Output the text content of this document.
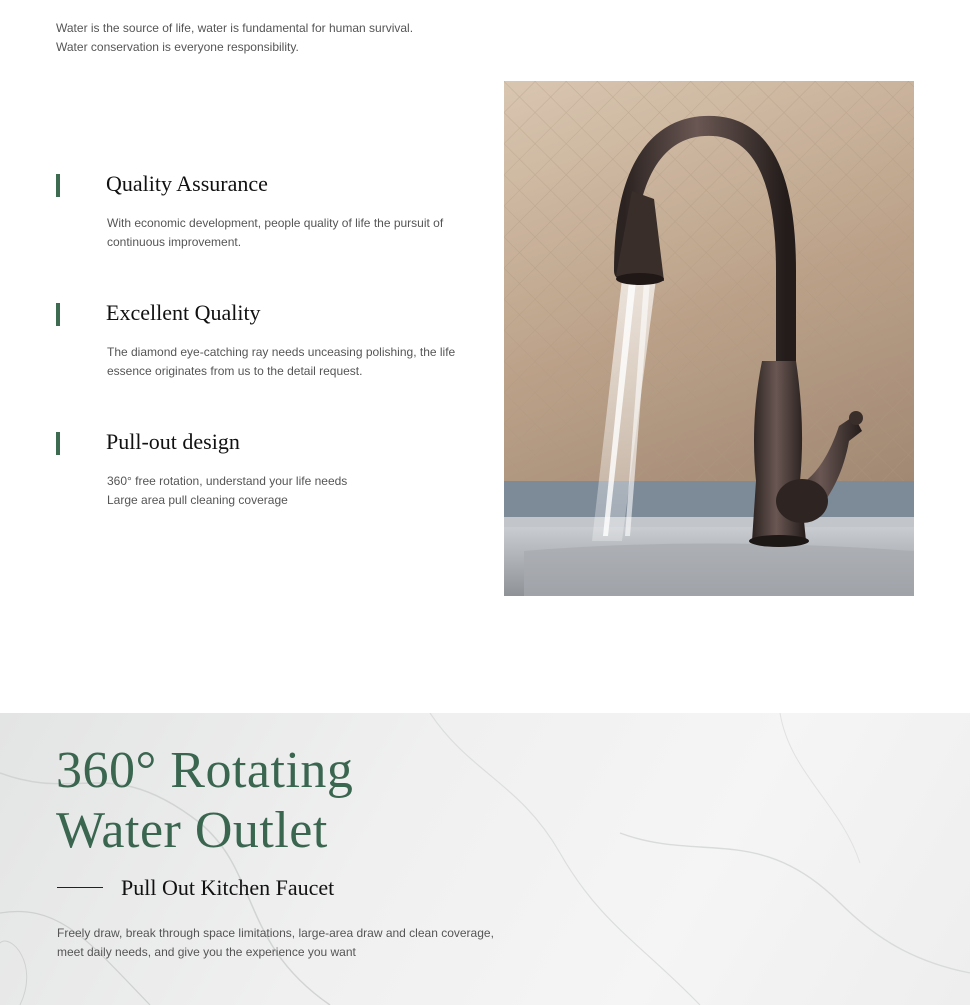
Water is the source of life, water is fundamental for human survival.

Water conservation is everyone responsibility.

Quality Assurance

With economic development, people quality of life the pursuit of

continuous improvement.

Excellent Quality

The diamond eye-catching ray needs unceasing polishing, the life

essence originates from us to the detail request.

Pull-out design

360° free rotation, understand your life needs

Large area pull cleaning coverage

360° Rotating
Water Outlet

Pull Out Kitchen Faucet

Freely draw, break through space limitations, large-area draw and clean coverage,

meet daily needs, and give you the experience you want
